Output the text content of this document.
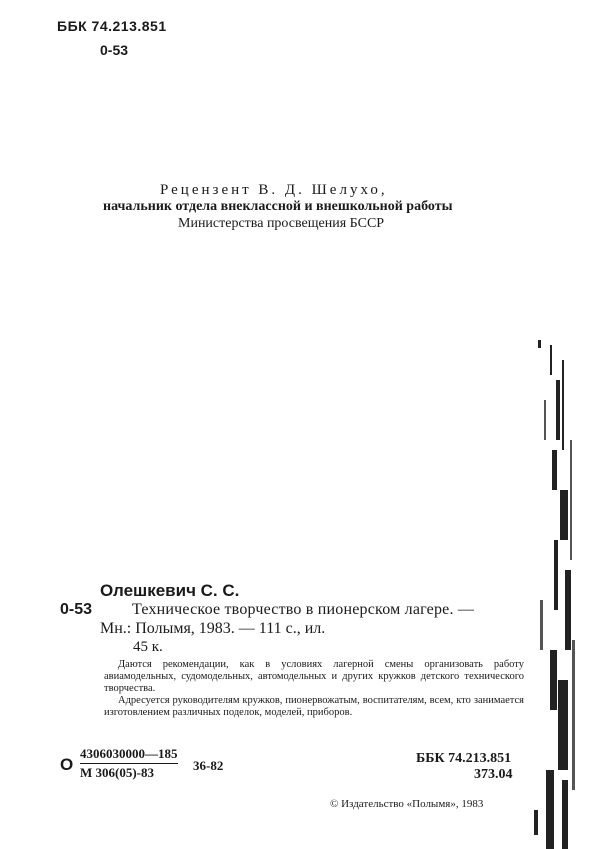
ББК 74.213.851
0-53
Рецензент В. Д. Шелухо,
начальник отдела внеклассной и внешкольной работы
Министерства просвещения БССР
Олешкевич С. С.
0-53 Техническое творчество в пионерском лагере. —
Мн.: Полымя, 1983. — 111 с., ил.
45 к.

Даются рекомендации, как в условиях лагерной смены организовать работу авиамодельных, судомодельных, автомодельных и других кружков детского технического творчества.

Адресуется руководителям кружков, пионервожатым, воспитателям, всем, кто занимается изготовлением различных поделок, моделей, приборов.

О
4306030000—185
М 306(05)-83	36-82	ББК 74.213.851
373.04
© Издательство «Полымя», 1983
